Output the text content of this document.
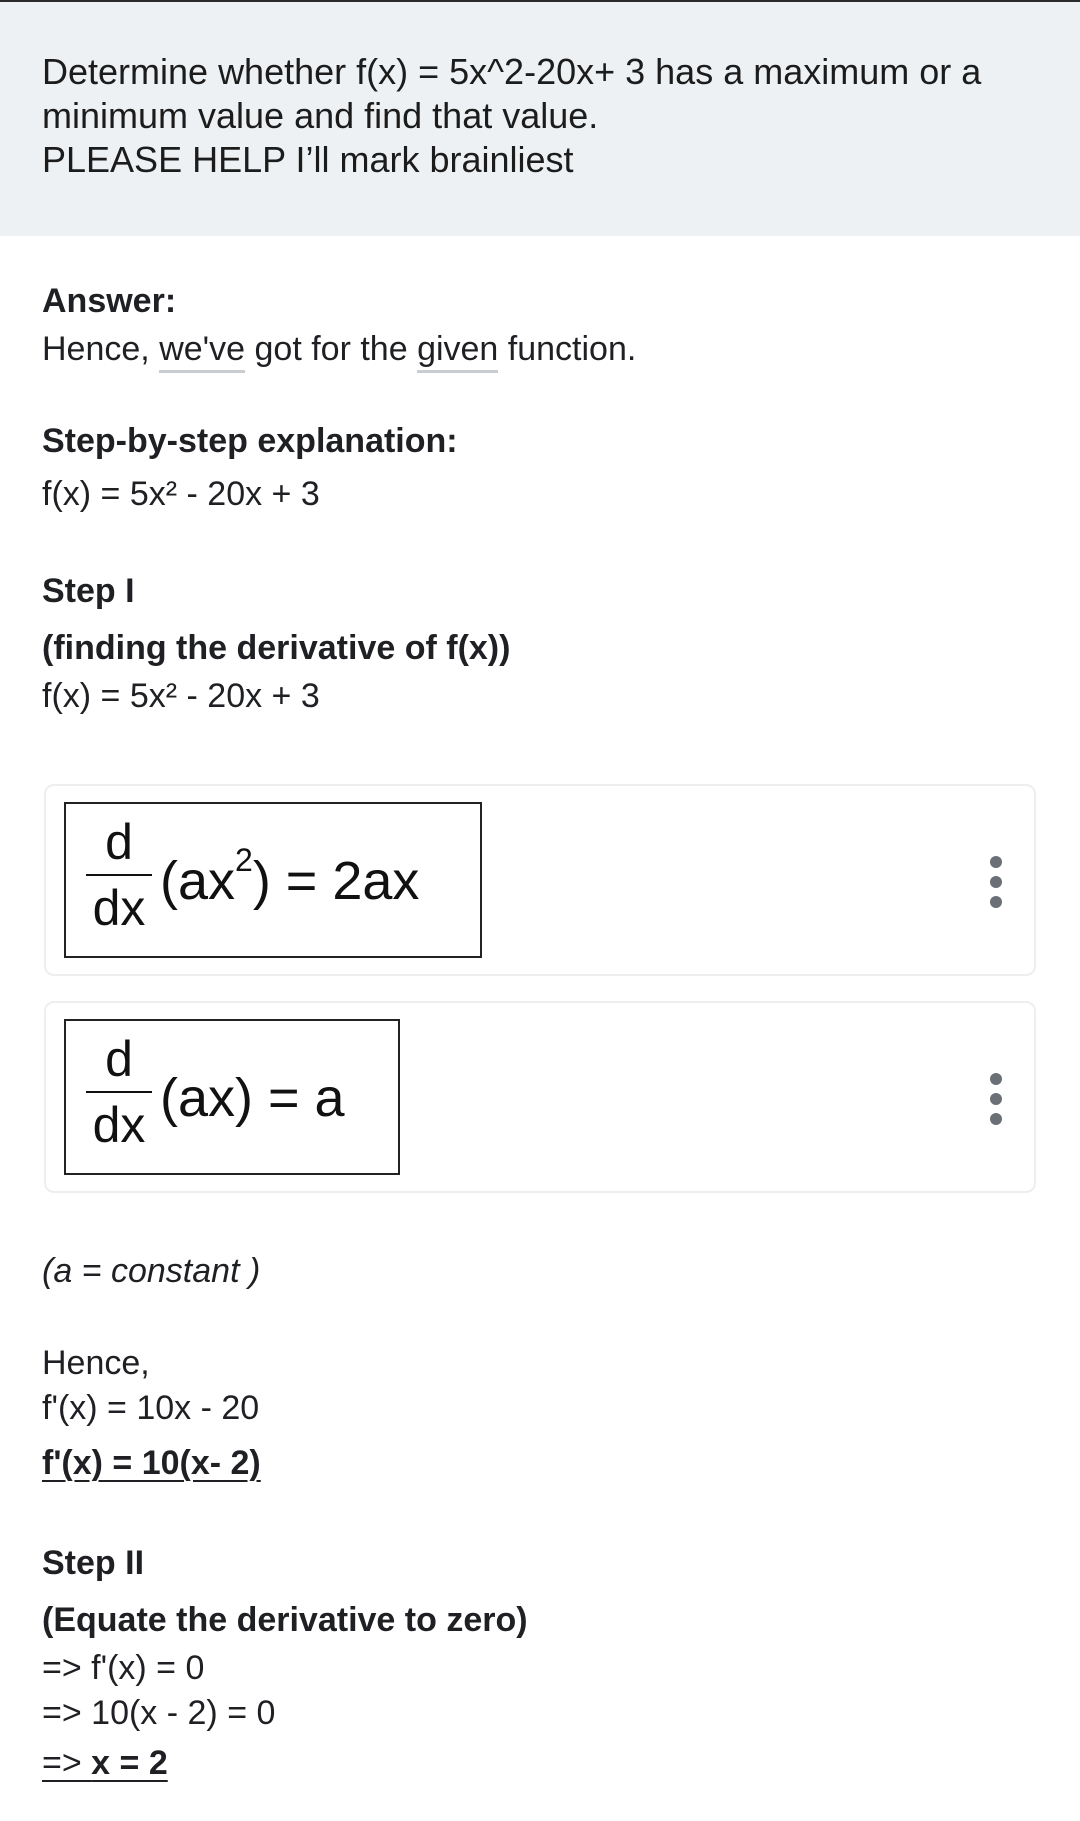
Determine whether f(x) = 5x^2-20x+ 3 has a maximum or a
minimum value and find that value.
PLEASE HELP I’ll mark brainliest
Answer:
Hence, we've got for the given function.
Step-by-step explanation:
f(x) = 5x² - 20x + 3
Step I
(finding the derivative of f(x))
f(x) = 5x² - 20x + 3
d
dx $(ax^2) = 2ax$
d
dx (ax) = a
(a = constant )
Hence,
f'(x) = 10x - 20
f'(x) = 10(x- 2)
Step II
(Equate the derivative to zero)
=> f'(x) = 0
=> 10(x - 2) = 0
=> x = 2
